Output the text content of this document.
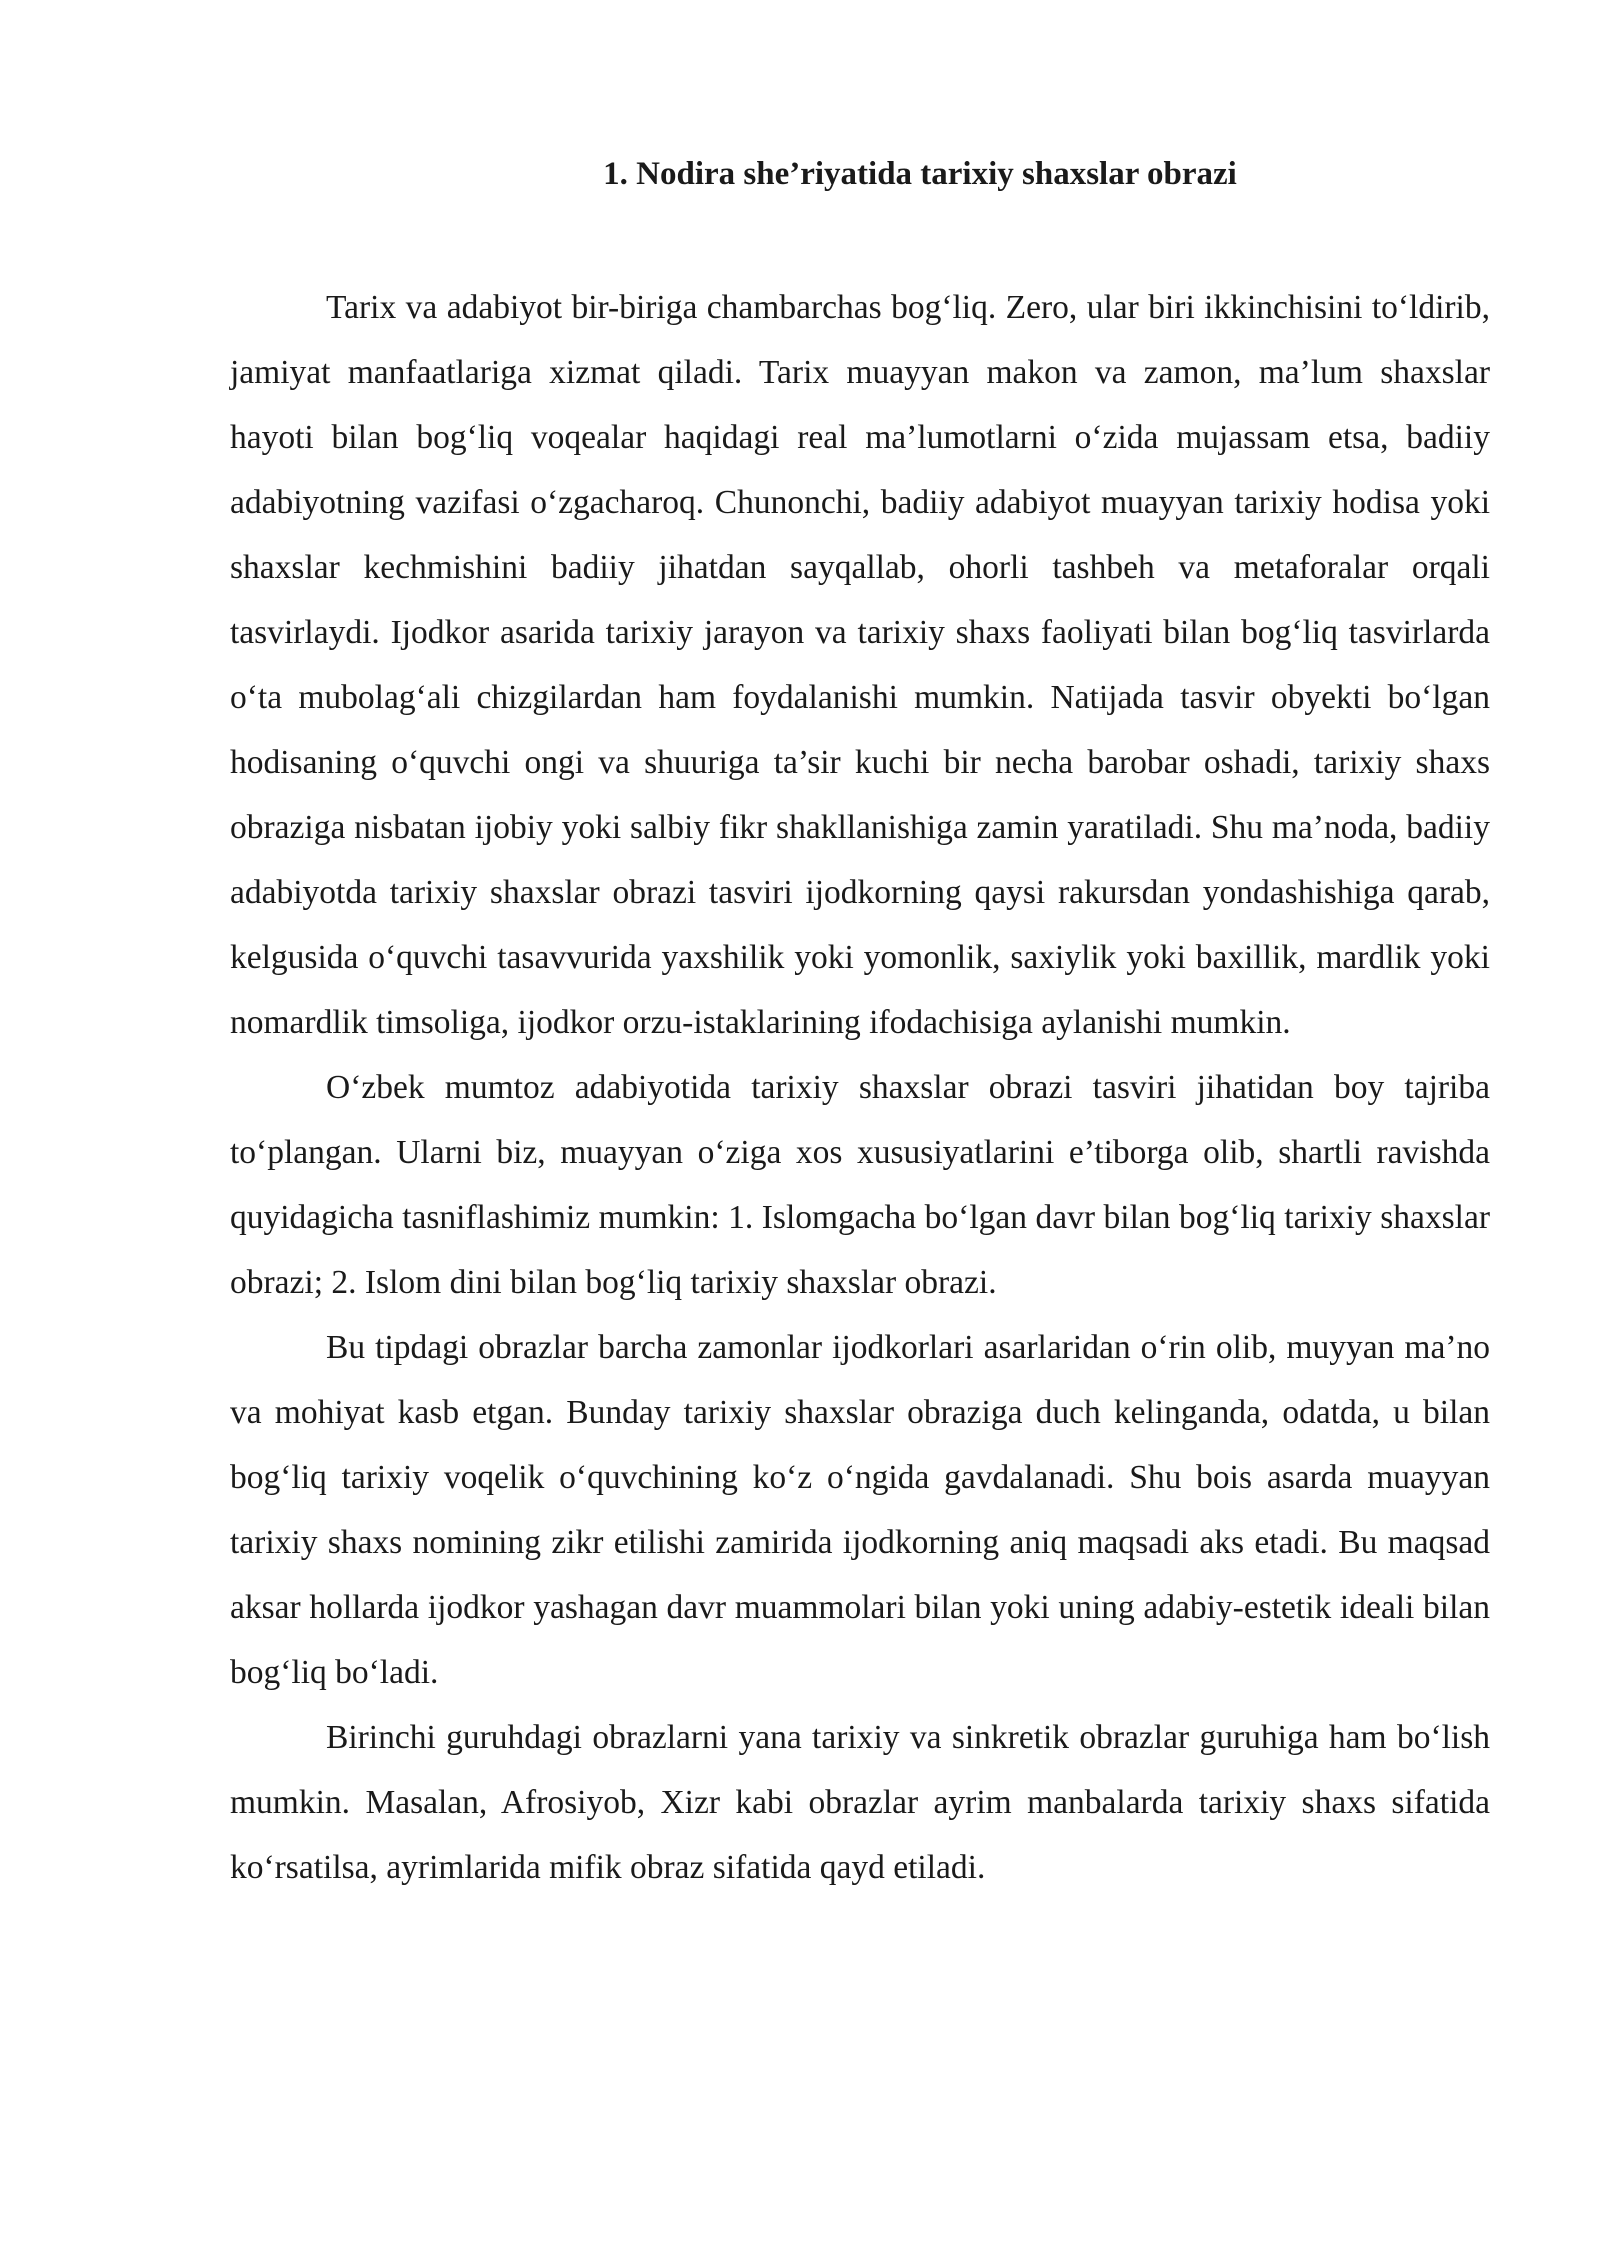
1. Nodira she’riyatida tarixiy shaxslar obrazi

Tarix va adabiyot bir-biriga chambarchas bog‘liq. Zero, ular biri ikkinchisini to‘ldirib, jamiyat manfaatlariga xizmat qiladi. Tarix muayyan makon va zamon, ma’lum shaxslar hayoti bilan bog‘liq voqealar haqidagi real ma’lumotlarni o‘zida mujassam etsa, badiiy adabiyotning vazifasi o‘zgacharoq. Chunonchi, badiiy adabiyot muayyan tarixiy hodisa yoki shaxslar kechmishini badiiy jihatdan sayqallab, ohorli tashbeh va metaforalar orqali tasvirlaydi. Ijodkor asarida tarixiy jarayon va tarixiy shaxs faoliyati bilan bog‘liq tasvirlarda o‘ta mubolag‘ali chizgilardan ham foydalanishi mumkin. Natijada tasvir obyekti bo‘lgan hodisaning o‘quvchi ongi va shuuriga ta’sir kuchi bir necha barobar oshadi, tarixiy shaxs obraziga nisbatan ijobiy yoki salbiy fikr shakllanishiga zamin yaratiladi. Shu ma’noda, badiiy adabiyotda tarixiy shaxslar obrazi tasviri ijodkorning qaysi rakursdan yondashishiga qarab, kelgusida o‘quvchi tasavvurida yaxshilik yoki yomonlik, saxiylik yoki baxillik, mardlik yoki nomardlik timsoliga, ijodkor orzu-istaklarining ifodachisiga aylanishi mumkin.

O‘zbek mumtoz adabiyotida tarixiy shaxslar obrazi tasviri jihatidan boy tajriba to‘plangan. Ularni biz, muayyan o‘ziga xos xususiyatlarini e’tiborga olib, shartli ravishda quyidagicha tasniflashimiz mumkin: 1. Islomgacha bo‘lgan davr bilan bog‘liq tarixiy shaxslar obrazi; 2. Islom dini bilan bog‘liq tarixiy shaxslar obrazi.

Bu tipdagi obrazlar barcha zamonlar ijodkorlari asarlaridan o‘rin olib, muyyan ma’no va mohiyat kasb etgan. Bunday tarixiy shaxslar obraziga duch kelinganda, odatda, u bilan bog‘liq tarixiy voqelik o‘quvchining ko‘z o‘ngida gavdalanadi. Shu bois asarda muayyan tarixiy shaxs nomining zikr etilishi zamirida ijodkorning aniq maqsadi aks etadi. Bu maqsad aksar hollarda ijodkor yashagan davr muammolari bilan yoki uning adabiy-estetik ideali bilan bog‘liq bo‘ladi.

Birinchi guruhdagi obrazlarni yana tarixiy va sinkretik obrazlar guruhiga ham bo‘lish mumkin. Masalan, Afrosiyob, Xizr kabi obrazlar ayrim manbalarda tarixiy shaxs sifatida ko‘rsatilsa, ayrimlarida mifik obraz sifatida qayd etiladi.
